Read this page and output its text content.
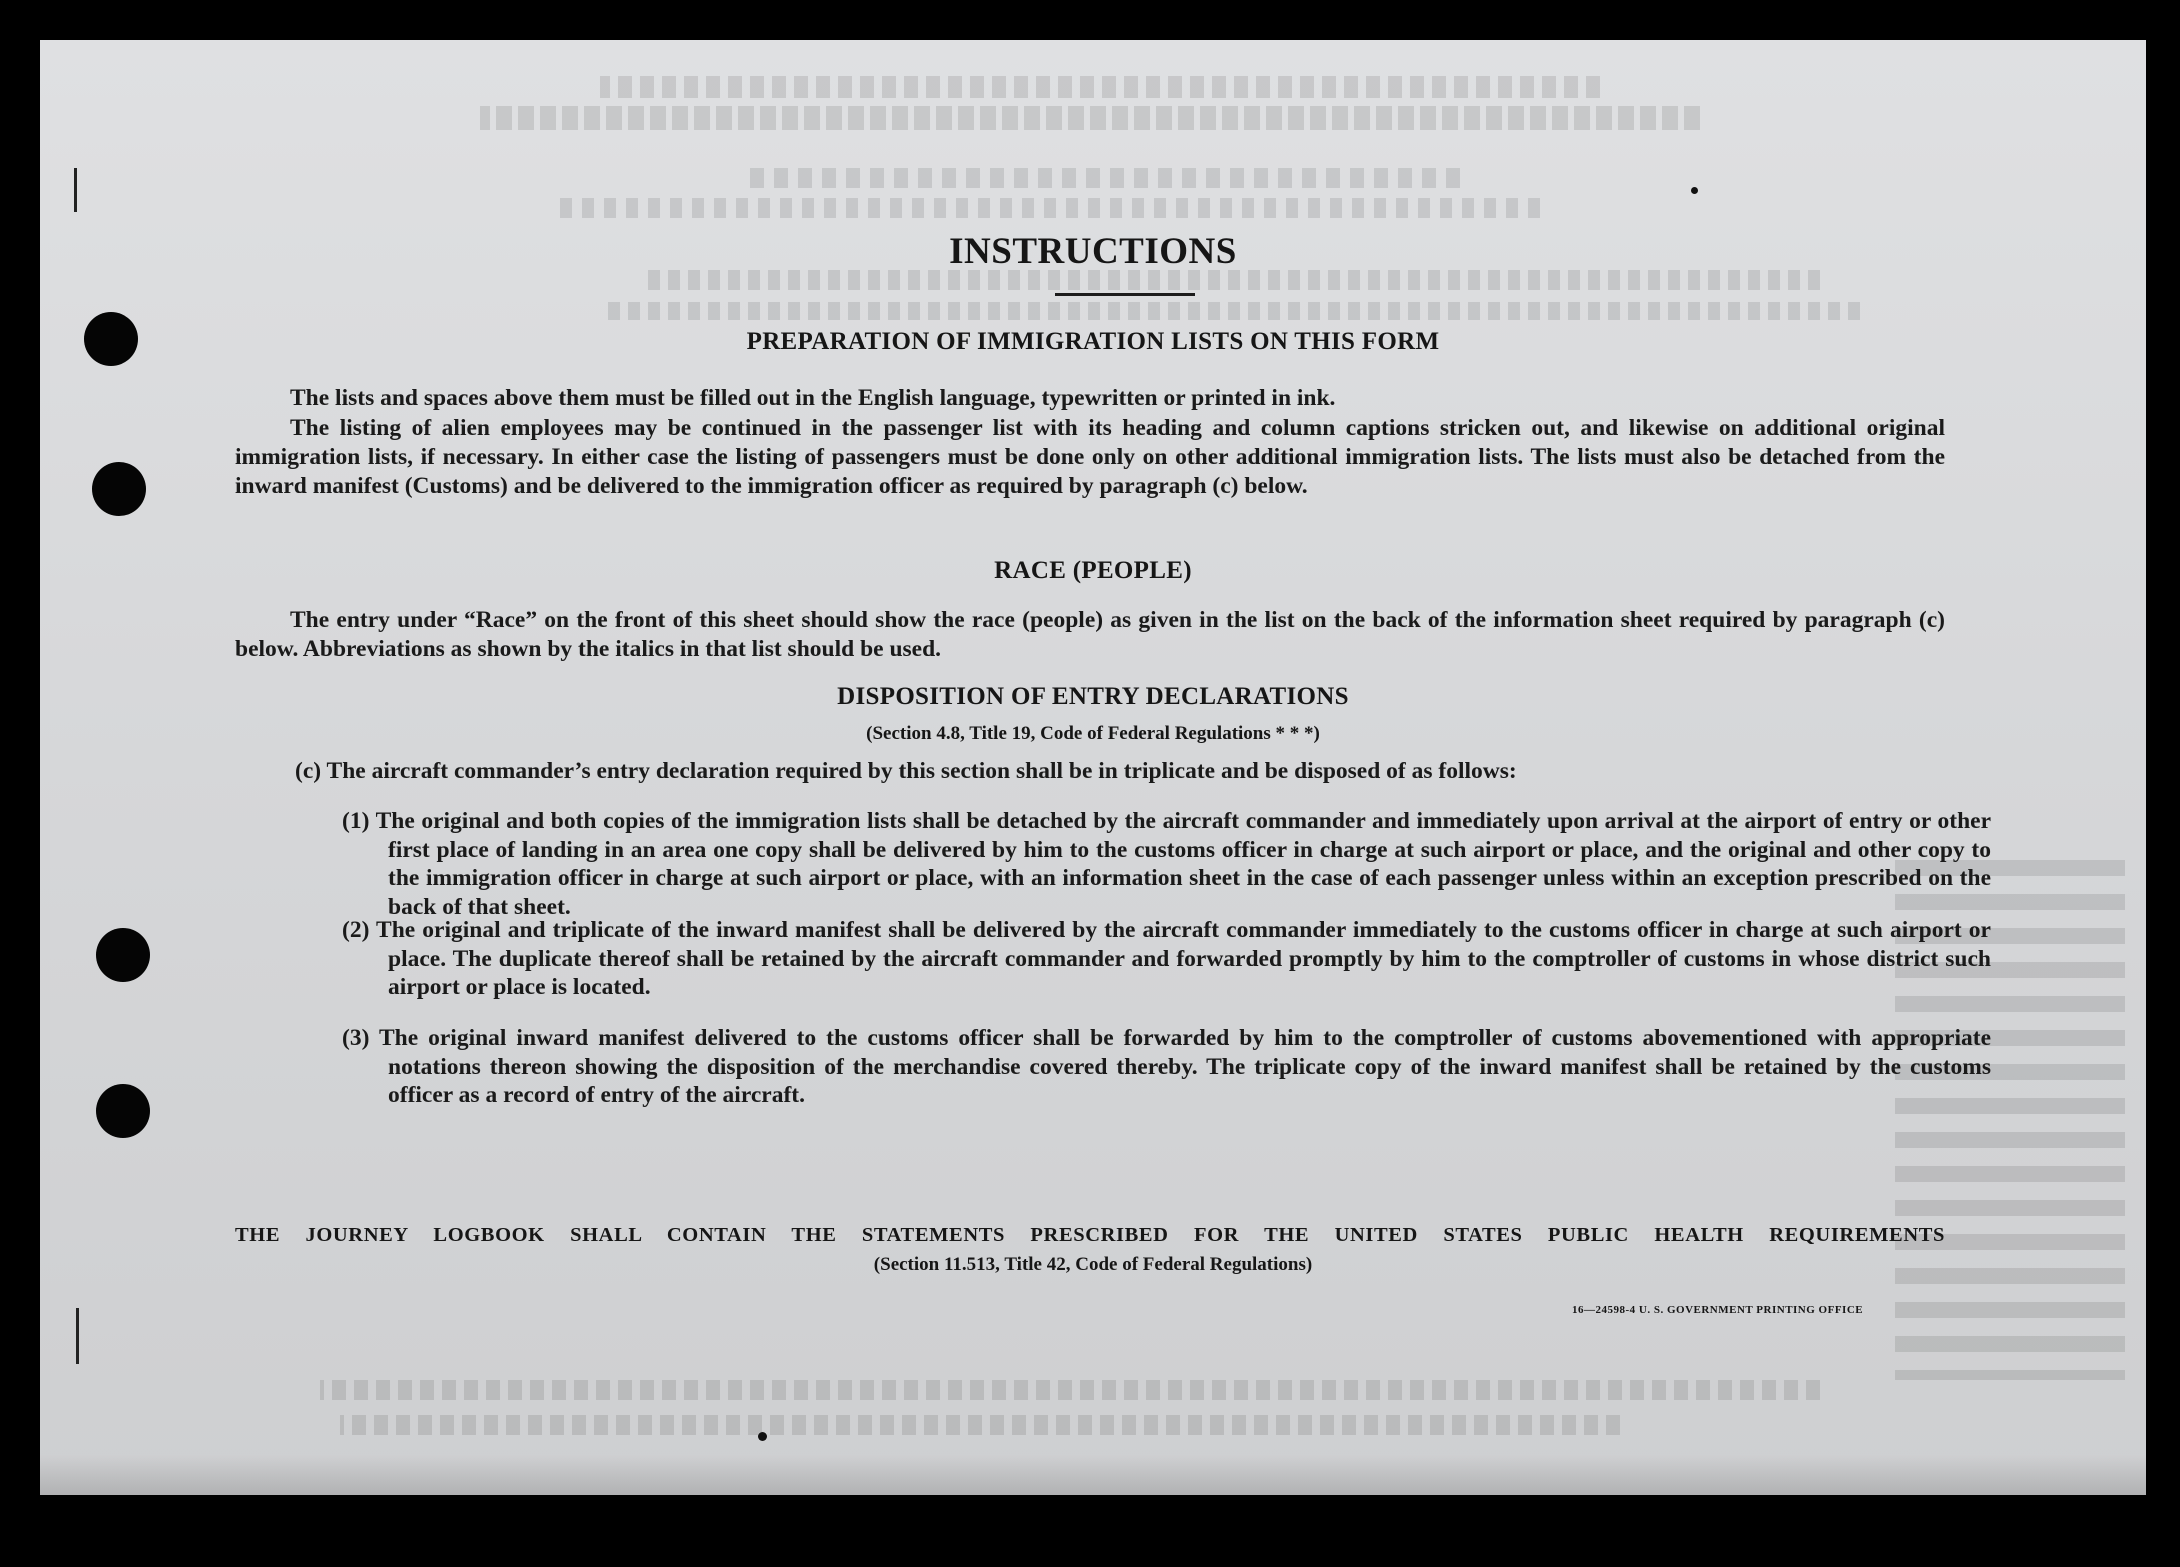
INSTRUCTIONS
PREPARATION OF IMMIGRATION LISTS ON THIS FORM

The lists and spaces above them must be filled out in the English language, typewritten or printed in ink.

The listing of alien employees may be continued in the passenger list with its heading and column captions stricken out, and likewise on additional original immigration lists, if necessary. In either case the listing of passengers must be done only on other additional immigration lists. The lists must also be detached from the inward manifest (Customs) and be delivered to the immigration officer as required by paragraph (c) below.

RACE (PEOPLE)

The entry under “Race” on the front of this sheet should show the race (people) as given in the list on the back of the information sheet required by paragraph (c) below. Abbreviations as shown by the italics in that list should be used.

DISPOSITION OF ENTRY DECLARATIONS

(Section 4.8, Title 19, Code of Federal Regulations * * *)

(c) The aircraft commander’s entry declaration required by this section shall be in triplicate and be disposed of as follows:

(1) The original and both copies of the immigration lists shall be detached by the aircraft commander and immediately upon arrival at the airport of entry or other first place of landing in an area one copy shall be delivered by him to the customs officer in charge at such airport or place, and the original and other copy to the immigration officer in charge at such airport or place, with an information sheet in the case of each passenger unless within an exception prescribed on the back of that sheet.

(2) The original and triplicate of the inward manifest shall be delivered by the aircraft commander immediately to the customs officer in charge at such airport or place. The duplicate thereof shall be retained by the aircraft commander and forwarded promptly by him to the comptroller of customs in whose district such airport or place is located.

(3) The original inward manifest delivered to the customs officer shall be forwarded by him to the comptroller of customs abovementioned with appropriate notations thereon showing the disposition of the merchandise covered thereby. The triplicate copy of the inward manifest shall be retained by the customs officer as a record of entry of the aircraft.

THE JOURNEY LOGBOOK SHALL CONTAIN THE STATEMENTS PRESCRIBED FOR THE UNITED STATES PUBLIC HEALTH REQUIREMENTS

(Section 11.513, Title 42, Code of Federal Regulations)

16—24598-4 U. S. GOVERNMENT PRINTING OFFICE
